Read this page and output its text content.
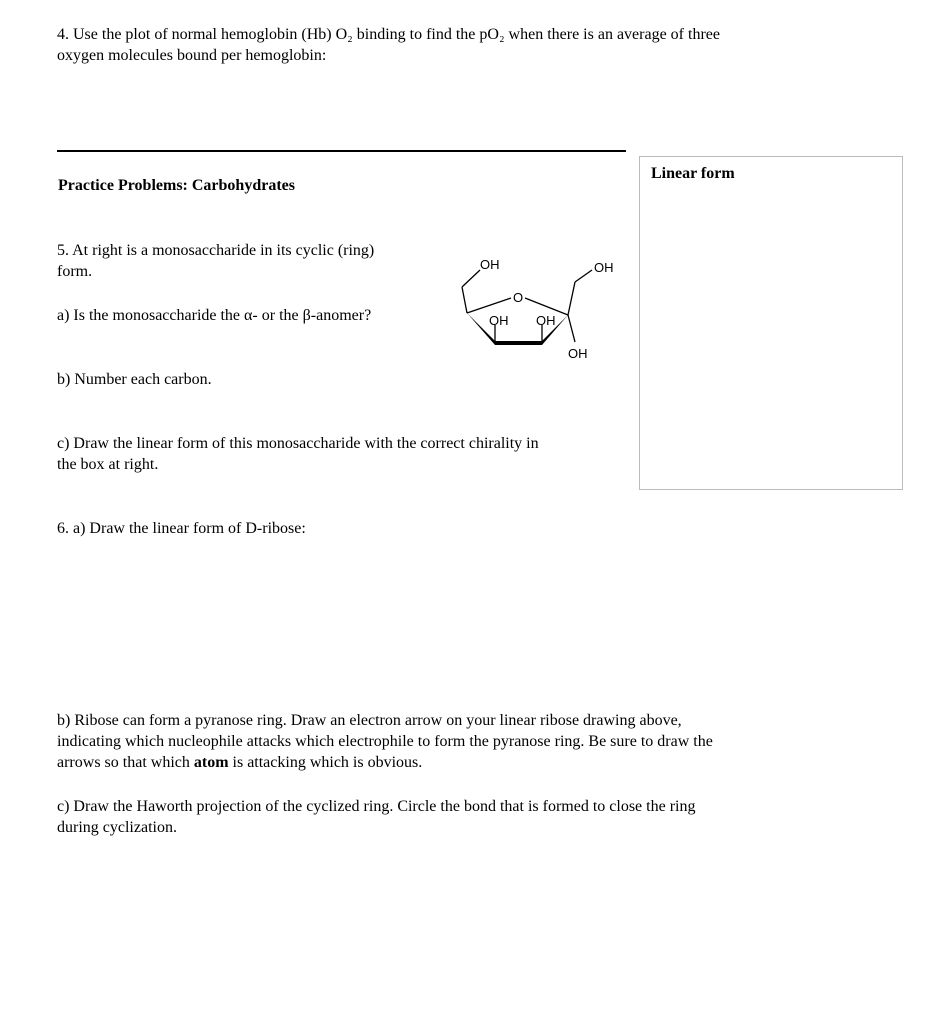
4. Use the plot of normal hemoglobin (Hb) O₂ binding to find the pO₂ when there is an average of three
oxygen molecules bound per hemoglobin:
Practice Problems: Carbohydrates
Linear form
5. At right is a monosaccharide in its cyclic (ring)
form.
a) Is the monosaccharide the α- or the β-anomer?
b) Number each carbon.
c) Draw the linear form of this monosaccharide with the correct chirality in
the box at right.
OH	OH
O
OH OH
OH
6. a) Draw the linear form of D-ribose:
b) Ribose can form a pyranose ring. Draw an electron arrow on your linear ribose drawing above,
indicating which nucleophile attacks which electrophile to form the pyranose ring. Be sure to draw the
arrows so that which atom is attacking which is obvious.
c) Draw the Haworth projection of the cyclized ring. Circle the bond that is formed to close the ring
during cyclization.
